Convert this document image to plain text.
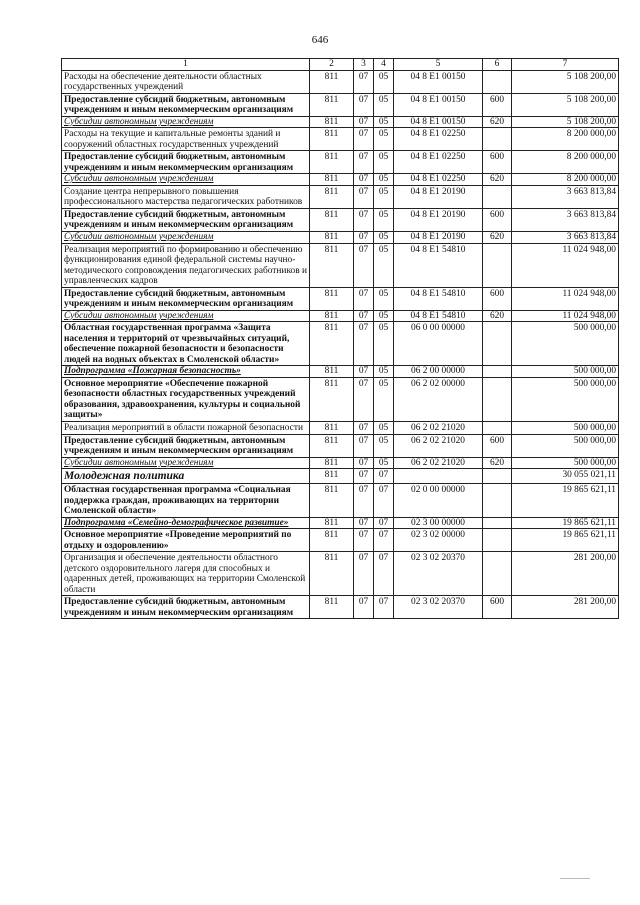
646
1	2	3	4	5	6	7
Расходы на обеспечение деятельности областных государственных учреждений	811	07	05	04 8 E1 00150		5 108 200,00
Предоставление субсидий бюджетным, автономным учреждениям и иным некоммерческим организациям	811	07	05	04 8 E1 00150	600	5 108 200,00
Субсидии автономным учреждениям	811	07	05	04 8 E1 00150	620	5 108 200,00
Расходы на текущие и капитальные ремонты зданий и сооружений областных государственных учреждений	811	07	05	04 8 E1 02250		8 200 000,00
Предоставление субсидий бюджетным, автономным учреждениям и иным некоммерческим организациям	811	07	05	04 8 E1 02250	600	8 200 000,00
Субсидии автономным учреждениям	811	07	05	04 8 E1 02250	620	8 200 000,00
Создание центра непрерывного повышения профессионального мастерства педагогических работников	811	07	05	04 8 E1 20190		3 663 813,84
Предоставление субсидий бюджетным, автономным учреждениям и иным некоммерческим организациям	811	07	05	04 8 E1 20190	600	3 663 813,84
Субсидии автономным учреждениям	811	07	05	04 8 E1 20190	620	3 663 813,84
Реализация мероприятий по формированию и обеспечению функционирования единой федеральной системы научно-методического сопровождения педагогических работников и управленческих кадров	811	07	05	04 8 E1 54810		11 024 948,00
Предоставление субсидий бюджетным, автономным учреждениям и иным некоммерческим организациям	811	07	05	04 8 E1 54810	600	11 024 948,00
Субсидии автономным учреждениям	811	07	05	04 8 E1 54810	620	11 024 948,00
Областная государственная программа «Защита населения и территорий от чрезвычайных ситуаций, обеспечение пожарной безопасности и безопасности людей на водных объектах в Смоленской области»	811	07	05	06 0 00 00000		500 000,00
Подпрограмма «Пожарная безопасность»	811	07	05	06 2 00 00000		500 000,00
Основное мероприятие «Обеспечение пожарной безопасности областных государственных учреждений образования, здравоохранения, культуры и социальной защиты»	811	07	05	06 2 02 00000		500 000,00
Реализация мероприятий в области пожарной безопасности	811	07	05	06 2 02 21020		500 000,00
Предоставление субсидий бюджетным, автономным учреждениям и иным некоммерческим организациям	811	07	05	06 2 02 21020	600	500 000,00
Субсидии автономным учреждениям	811	07	05	06 2 02 21020	620	500 000,00
Молодежная политика	811	07	07			30 055 021,11
Областная государственная программа «Социальная поддержка граждан, проживающих на территории Смоленской области»	811	07	07	02 0 00 00000		19 865 621,11
Подпрограмма «Семейно-демографическое развитие»	811	07	07	02 3 00 00000		19 865 621,11
Основное мероприятие «Проведение мероприятий по отдыху и оздоровлению»	811	07	07	02 3 02 00000		19 865 621,11
Организация и обеспечение деятельности областного детского оздоровительного лагеря для способных и одаренных детей, проживающих на территории Смоленской области	811	07	07	02 3 02 20370		281 200,00
Предоставление субсидий бюджетным, автономным учреждениям и иным некоммерческим организациям	811	07	07	02 3 02 20370	600	281 200,00
